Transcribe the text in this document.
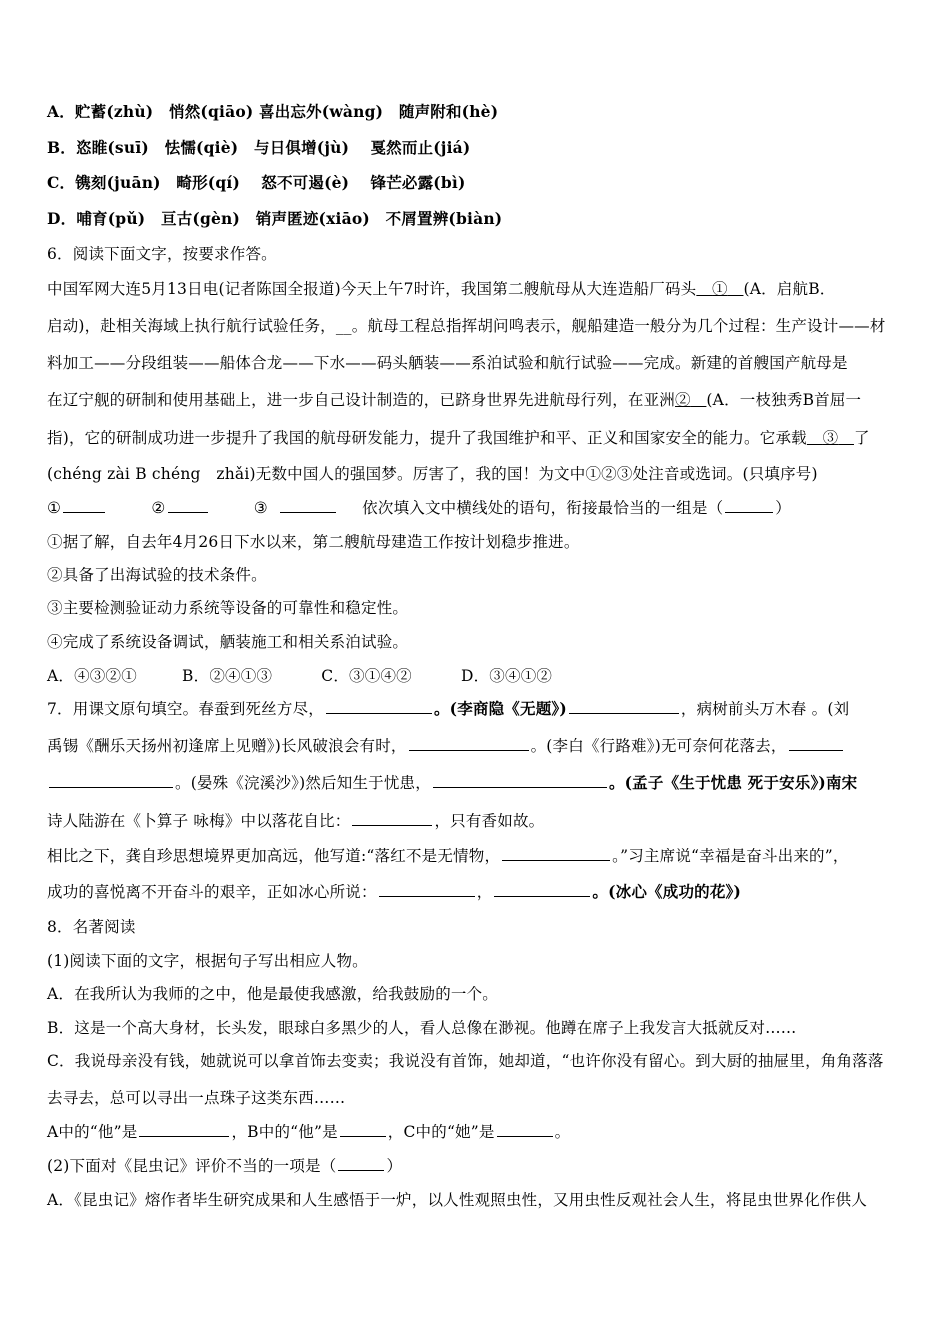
A．贮蓄(zhù)　悄然(qiāo) 喜出忘外(wàng)　随声附和(hè)
B．恣睢(suī)　怯懦(qiè)　与日俱增(jù)　 戛然而止(jiá)
C．镌刻(juān)　畸形(qí)　 怒不可遏(è)　 锋芒必露(bì)
D．哺育(pǔ)　亘古(gèn)　销声匿迹(xiāo)　不屑置辨(biàn)
6．阅读下面文字，按要求作答。
中国军网大连5月13日电(记者陈国全报道)今天上午7时许，我国第二艘航母从大连造船厂码头　 ①　 (A．启航B．
启动)，赴相关海域上执行航行试验任务，__。航母工程总指挥胡问鸣表示，舰船建造一般分为几个过程：生产设计——材
料加工——分段组装——船体合龙——下水——码头舾装——系泊试验和航行试验——完成。新建的首艘国产航母是
在辽宁舰的研制和使用基础上，进一步自己设计制造的，已跻身世界先进航母行列，在亚洲②　 (A．一枝独秀B首屈一
指)，它的研制成功进一步提升了我国的航母研发能力，提升了我国维护和平、正义和国家安全的能力。它承载　 ③　 了
(chéng zài B chéng　zhǎi)无数中国人的强国梦。厉害了，我的国！为文中①②③处注音或选词。(只填序号)
①	②	③	依次填入文中横线处的语句，衔接最恰当的一组是（	）
①据了解，自去年4月26日下水以来，第二艘航母建造工作按计划稳步推进。
②具备了出海试验的技术条件。
③主要检测验证动力系统等设备的可靠性和稳定性。
④完成了系统设备调试，舾装施工和相关系泊试验。
A．④③②①	B．②④①③	C．③①④②	D．③④①②
7．用课文原句填空。春蚕到死丝方尽，	。(李商隐《无题》)	，病树前头万木春 。(刘
禹锡《酬乐天扬州初逢席上见赠》)长风破浪会有时，	。(李白《行路难》)无可奈何花落去，
。(晏殊《浣溪沙》)然后知生于忧患，	。(孟子《生于忧患 死于安乐》)南宋
诗人陆游在《卜算子 咏梅》中以落花自比：	，只有香如故。
相比之下，龚自珍思想境界更加高远，他写道:“落红不是无情物，	。”习主席说“幸福是奋斗出来的”，
成功的喜悦离不开奋斗的艰辛，正如冰心所说：	，	。(冰心《成功的花》)
8．名著阅读
(1)阅读下面的文字，根据句子写出相应人物。
A．在我所认为我师的之中，他是最使我感激，给我鼓励的一个。
B．这是一个高大身材，长头发，眼球白多黑少的人，看人总像在渺视。他蹲在席子上我发言大抵就反对……
C．我说母亲没有钱，她就说可以拿首饰去变卖；我说没有首饰，她却道，“也许你没有留心。到大厨的抽屉里，角角落落
去寻去，总可以寻出一点珠子这类东西……
A中的“他”是	，B中的“他”是	，C中的“她”是	。
(2)下面对《昆虫记》评价不当的一项是（	）
A．《昆虫记》熔作者毕生研究成果和人生感悟于一炉，以人性观照虫性，又用虫性反观社会人生，将昆虫世界化作供人
